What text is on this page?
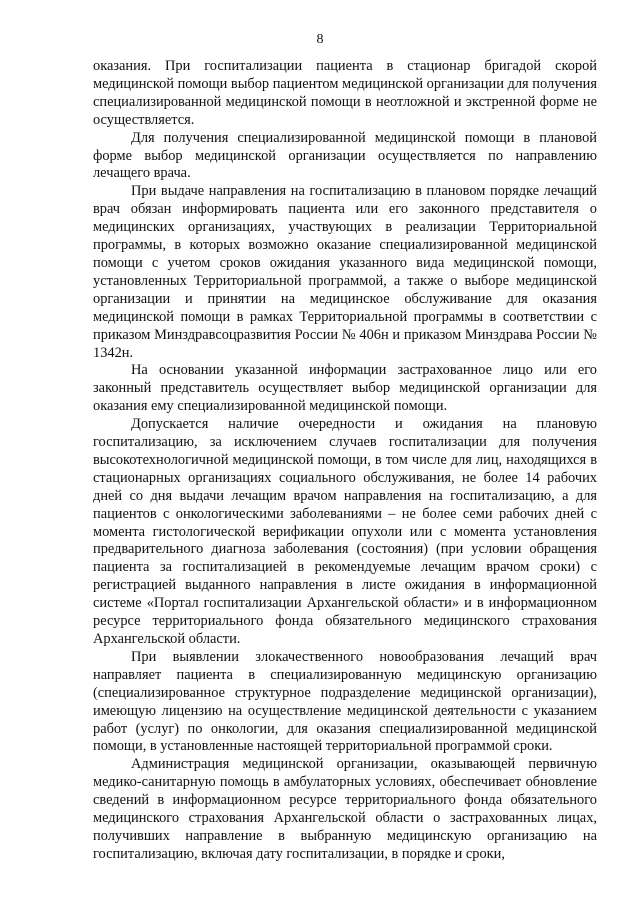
8

оказания. При госпитализации пациента в стационар бригадой скорой медицинской помощи выбор пациентом медицинской организации для получения специализированной медицинской помощи в неотложной и экстренной форме не осуществляется.

Для получения специализированной медицинской помощи в плановой форме выбор медицинской организации осуществляется по направлению лечащего врача.

При выдаче направления на госпитализацию в плановом порядке лечащий врач обязан информировать пациента или его законного представителя о медицинских организациях, участвующих в реализации Территориальной программы, в которых возможно оказание специализированной медицинской помощи с учетом сроков ожидания указанного вида медицинской помощи, установленных Территориальной программой, а также о выборе медицинской организации и принятии на медицинское обслуживание для оказания медицинской помощи в рамках Территориальной программы в соответствии с приказом Минздравсоцразвития России № 406н и приказом Минздрава России № 1342н.

На основании указанной информации застрахованное лицо или его законный представитель осуществляет выбор медицинской организации для оказания ему специализированной медицинской помощи.

Допускается наличие очередности и ожидания на плановую госпитализацию, за исключением случаев госпитализации для получения высокотехнологичной медицинской помощи, в том числе для лиц, находящихся в стационарных организациях социального обслуживания, не более 14 рабочих дней со дня выдачи лечащим врачом направления на госпитализацию, а для пациентов с онкологическими заболеваниями – не более семи рабочих дней с момента гистологической верификации опухоли или с момента установления предварительного диагноза заболевания (состояния) (при условии обращения пациента за госпитализацией в рекомендуемые лечащим врачом сроки) с регистрацией выданного направления в листе ожидания в информационной системе «Портал госпитализации Архангельской области» и в информационном ресурсе территориального фонда обязательного медицинского страхования Архангельской области.

При выявлении злокачественного новообразования лечащий врач направляет пациента в специализированную медицинскую организацию (специализированное структурное подразделение медицинской организации), имеющую лицензию на осуществление медицинской деятельности с указанием работ (услуг) по онкологии, для оказания специализированной медицинской помощи, в установленные настоящей территориальной программой сроки.

Администрация медицинской организации, оказывающей первичную медико-санитарную помощь в амбулаторных условиях, обеспечивает обновление сведений в информационном ресурсе территориального фонда обязательного медицинского страхования Архангельской области о застрахованных лицах, получивших направление в выбранную медицинскую организацию на госпитализацию, включая дату госпитализации, в порядке и сроки,
